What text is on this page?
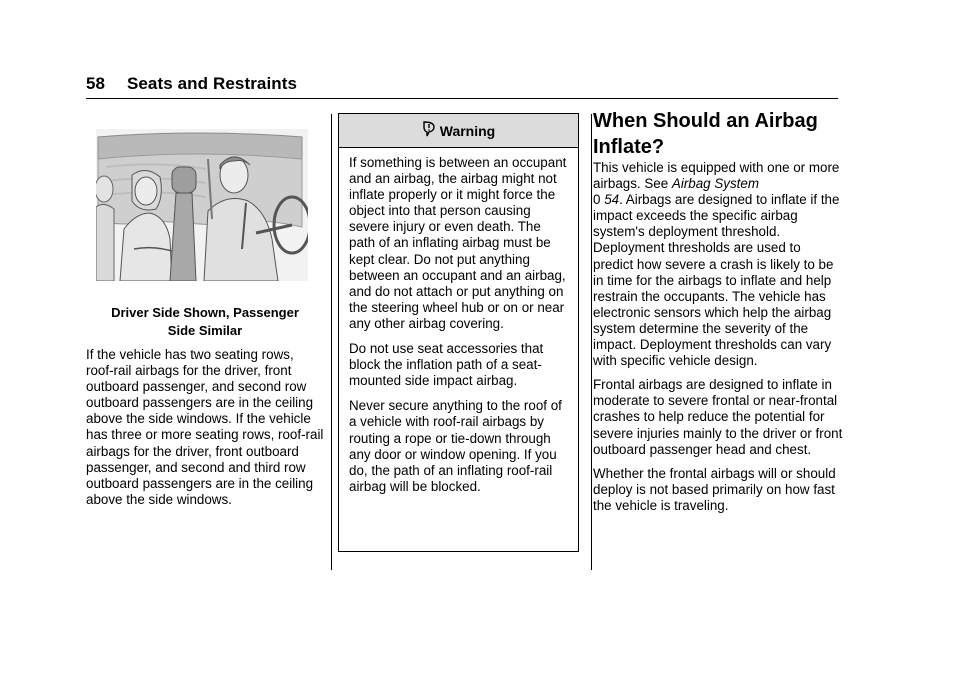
58 Seats and Restraints
Driver Side Shown, Passenger
Side Similar

If the vehicle has two seating rows, roof-rail airbags for the driver, front outboard passenger, and second row outboard passengers are in the ceiling above the side windows. If the vehicle has three or more seating rows, roof-rail airbags for the driver, front outboard passenger, and second and third row outboard passengers are in the ceiling above the side windows.

Warning

If something is between an occupant and an airbag, the airbag might not inflate properly or it might force the object into that person causing severe injury or even death. The path of an inflating airbag must be kept clear. Do not put anything between an occupant and an airbag, and do not attach or put anything on the steering wheel hub or on or near any other airbag covering.

Do not use seat accessories that block the inflation path of a seat-mounted side impact airbag.

Never secure anything to the roof of a vehicle with roof-rail airbags by routing a rope or tie-down through any door or window opening. If you do, the path of an inflating roof-rail airbag will be blocked.

When Should an Airbag Inflate?

This vehicle is equipped with one or more airbags. See Airbag System
0 54. Airbags are designed to inflate if the impact exceeds the specific airbag system's deployment threshold. Deployment thresholds are used to predict how severe a crash is likely to be in time for the airbags to inflate and help restrain the occupants. The vehicle has electronic sensors which help the airbag system determine the severity of the impact. Deployment thresholds can vary with specific vehicle design.

Frontal airbags are designed to inflate in moderate to severe frontal or near-frontal crashes to help reduce the potential for severe injuries mainly to the driver or front outboard passenger head and chest.

Whether the frontal airbags will or should deploy is not based primarily on how fast the vehicle is traveling.
